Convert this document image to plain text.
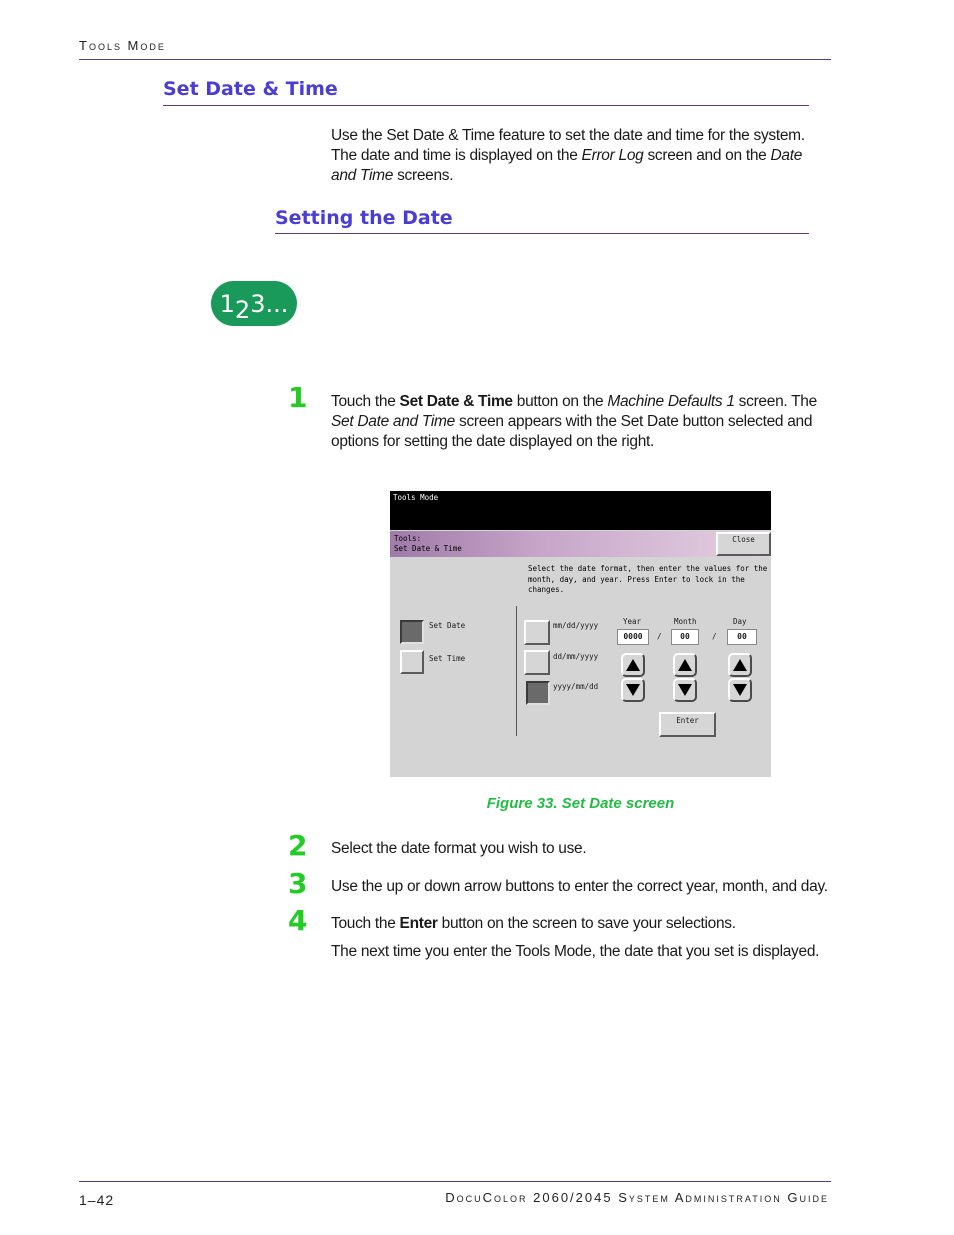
Tools Mode
Set Date & Time
Use the Set Date & Time feature to set the date and time for the system. The date and time is displayed on the Error Log screen and on the Date and Time screens.
Setting the Date
1 2 3...
1 Touch the Set Date & Time button on the Machine Defaults 1 screen. The Set Date and Time screen appears with the Set Date button selected and options for setting the date displayed on the right.
Tools Mode
Tools:
Set Date & Time
Close
Select the date format, then enter the values for the
month, day, and year. Press Enter to lock in the
changes.
Set Date
Set Time
mm/dd/yyyy
dd/mm/yyyy
yyyy/mm/dd
Year	Month	Day
0000	/	00	/	00
Enter
Figure 33. Set Date screen
2 Select the date format you wish to use.
3 Use the up or down arrow buttons to enter the correct year, month, and day.
4 Touch the Enter button on the screen to save your selections.
The next time you enter the Tools Mode, the date that you set is displayed.
1–42	DocuColor 2060/2045 System Administration Guide
